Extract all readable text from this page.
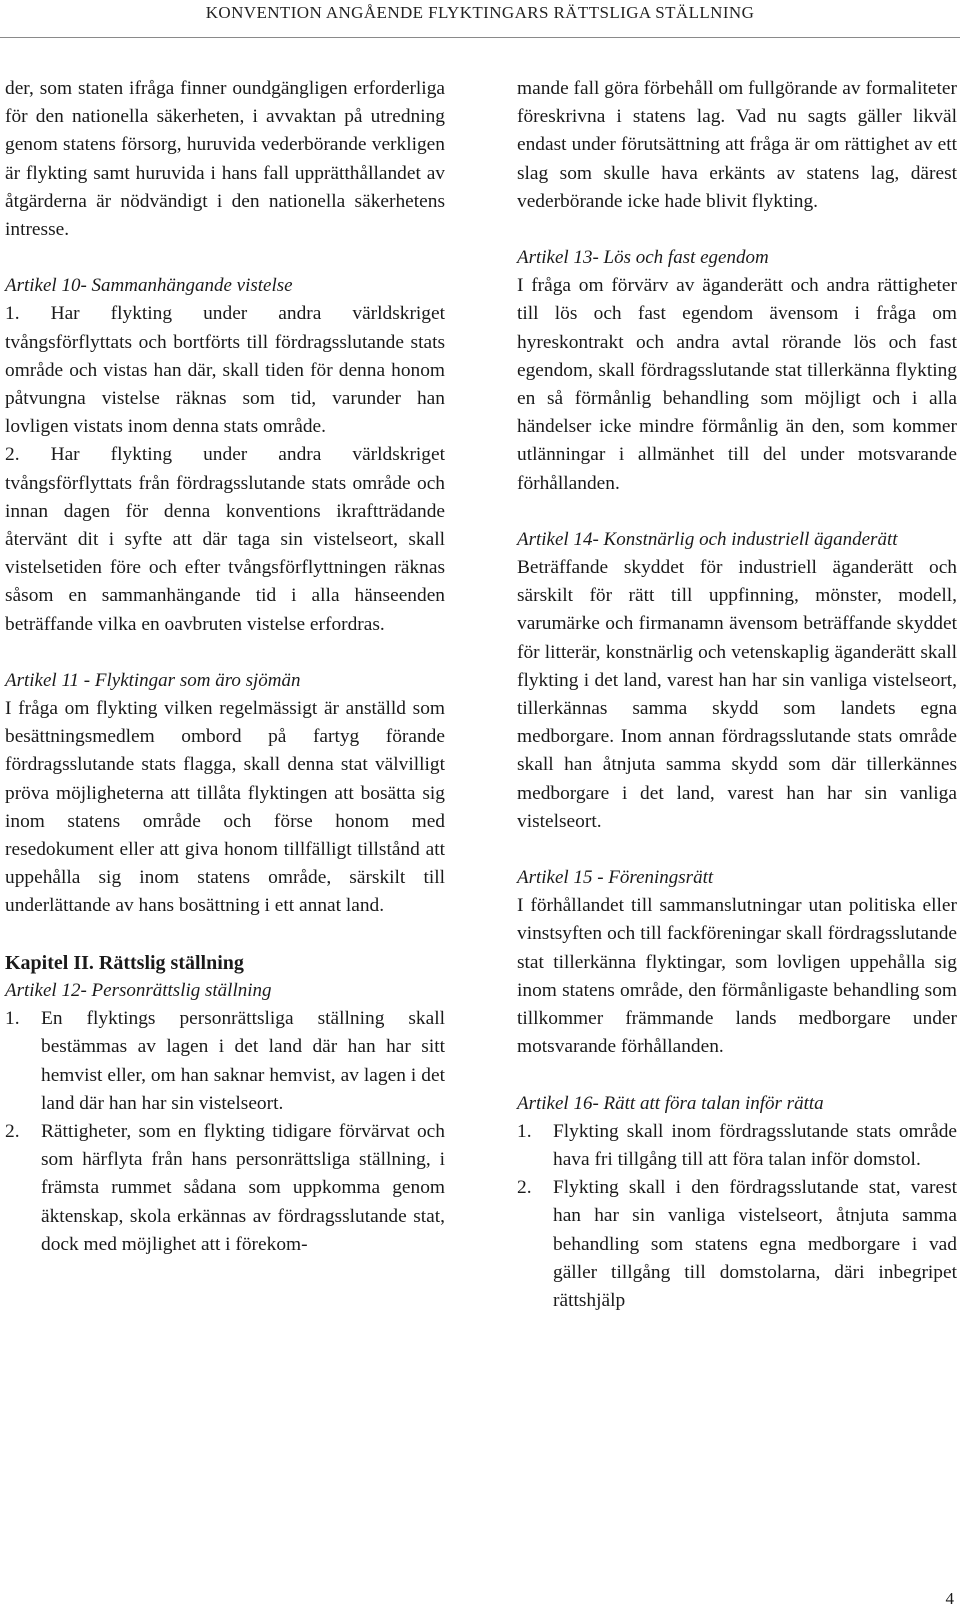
KONVENTION ANGÅENDE FLYKTINGARS RÄTTSLIGA STÄLLNING

der, som staten ifråga finner oundgängligen erforderliga för den nationella säkerheten, i avvaktan på utredning genom statens försorg, huruvida vederbörande verkligen är flykting samt huruvida i hans fall upprätthållandet av åtgärderna är nödvändigt i den nationella säkerhetens intresse.

Artikel 10- Sammanhängande vistelse

1. Har flykting under andra världskriget tvångsförflyttats och bortförts till fördragsslutande stats område och vistas han där, skall tiden för denna honom påtvungna vistelse räknas som tid, varunder han lovligen vistats inom denna stats område.

2. Har flykting under andra världskriget tvångsförflyttats från fördragsslutande stats område och innan dagen för denna konventions ikraftträdande återvänt dit i syfte att där taga sin vistelseort, skall vistelsetiden före och efter tvångsförflyttningen räknas såsom en sammanhängande tid i alla hänseenden beträffande vilka en oavbruten vistelse erfordras.

Artikel 11 - Flyktingar som äro sjömän

I fråga om flykting vilken regelmässigt är anställd som besättningsmedlem ombord på fartyg förande fördragsslutande stats flagga, skall denna stat välvilligt pröva möjligheterna att tillåta flyktingen att bosätta sig inom statens område och förse honom med resedokument eller att giva honom tillfälligt tillstånd att uppehålla sig inom statens område, särskilt till underlättande av hans bosättning i ett annat land.

Kapitel II. Rättslig ställning

Artikel 12- Personrättslig ställning

1.	En flyktings personrättsliga ställning skall bestämmas av lagen i det land där han har sitt hemvist eller, om han saknar hemvist, av lagen i det land där han har sin vistelseort.
2.	Rättigheter, som en flykting tidigare förvärvat och som härflyta från hans personrättsliga ställning, i främsta rummet sådana som uppkomma genom äktenskap, skola erkännas av fördragsslutande stat, dock med möjlighet att i förekom-

mande fall göra förbehåll om fullgörande av formaliteter föreskrivna i statens lag. Vad nu sagts gäller likväl endast under förutsättning att fråga är om rättighet av ett slag som skulle hava erkänts av statens lag, därest vederbörande icke hade blivit flykting.

Artikel 13- Lös och fast egendom

I fråga om förvärv av äganderätt och andra rättigheter till lös och fast egendom ävensom i fråga om hyreskontrakt och andra avtal rörande lös och fast egendom, skall fördragsslutande stat tillerkänna flykting en så förmånlig behandling som möjligt och i alla händelser icke mindre förmånlig än den, som kommer utlänningar i allmänhet till del under motsvarande förhållanden.

Artikel 14- Konstnärlig och industriell äganderätt

Beträffande skyddet för industriell äganderätt och särskilt för rätt till uppfinning, mönster, modell, varumärke och firmanamn ävensom beträffande skyddet för litterär, konstnärlig och vetenskaplig äganderätt skall flykting i det land, varest han har sin vanliga vistelseort, tillerkännas samma skydd som landets egna medborgare. Inom annan fördragsslutande stats område skall han åtnjuta samma skydd som där tillerkännes medborgare i det land, varest han har sin vanliga vistelseort.

Artikel 15 - Föreningsrätt

I förhållandet till sammanslutningar utan politiska eller vinstsyften och till fackföreningar skall fördragsslutande stat tillerkänna flyktingar, som lovligen uppehålla sig inom statens område, den förmånligaste behandling som tillkommer främmande lands medborgare under motsvarande förhållanden.

Artikel 16- Rätt att föra talan inför rätta

1.	Flykting skall inom fördragsslutande stats område hava fri tillgång till att föra talan inför domstol.
2.	Flykting skall i den fördragsslutande stat, varest han har sin vanliga vistelseort, åtnjuta samma behandling som statens egna medborgare i vad gäller tillgång till domstolarna, däri inbegripet rättshjälp
4
